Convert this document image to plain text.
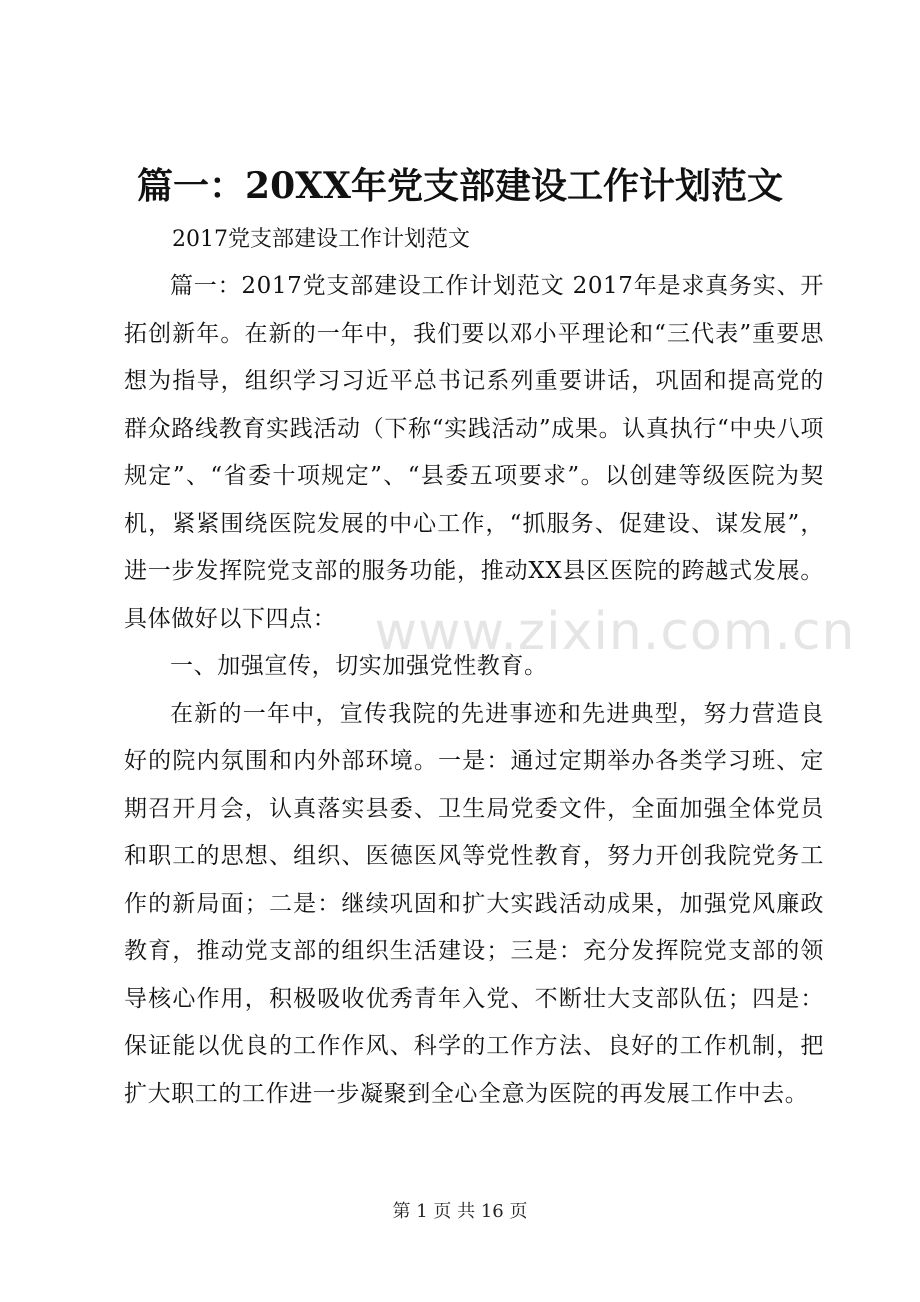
篇一：20XX年党支部建设工作计划范文

2017党支部建设工作计划范文

篇一：2017党支部建设工作计划范文 2017年是求真务实、开拓创新年。在新的一年中，我们要以邓小平理论和“三代表”重要思想为指导，组织学习习近平总书记系列重要讲话，巩固和提高党的群众路线教育实践活动（下称“实践活动”成果。认真执行“中央八项规定”、“省委十项规定”、“县委五项要求”。以创建等级医院为契机，紧紧围绕医院发展的中心工作，“抓服务、促建设、谋发展”，进一步发挥院党支部的服务功能，推动XX县区医院的跨越式发展。具体做好以下四点：

一、加强宣传，切实加强党性教育。

在新的一年中，宣传我院的先进事迹和先进典型，努力营造良好的院内氛围和内外部环境。一是：通过定期举办各类学习班、定期召开月会，认真落实县委、卫生局党委文件，全面加强全体党员和职工的思想、组织、医德医风等党性教育，努力开创我院党务工作的新局面；二是：继续巩固和扩大实践活动成果，加强党风廉政教育，推动党支部的组织生活建设；三是：充分发挥院党支部的领导核心作用，积极吸收优秀青年入党、不断壮大支部队伍；四是：保证能以优良的工作作风、科学的工作方法、良好的工作机制，把扩大职工的工作进一步凝聚到全心全意为医院的再发展工作中去。

www.zixin.com.cn
第 1 页 共 16 页
